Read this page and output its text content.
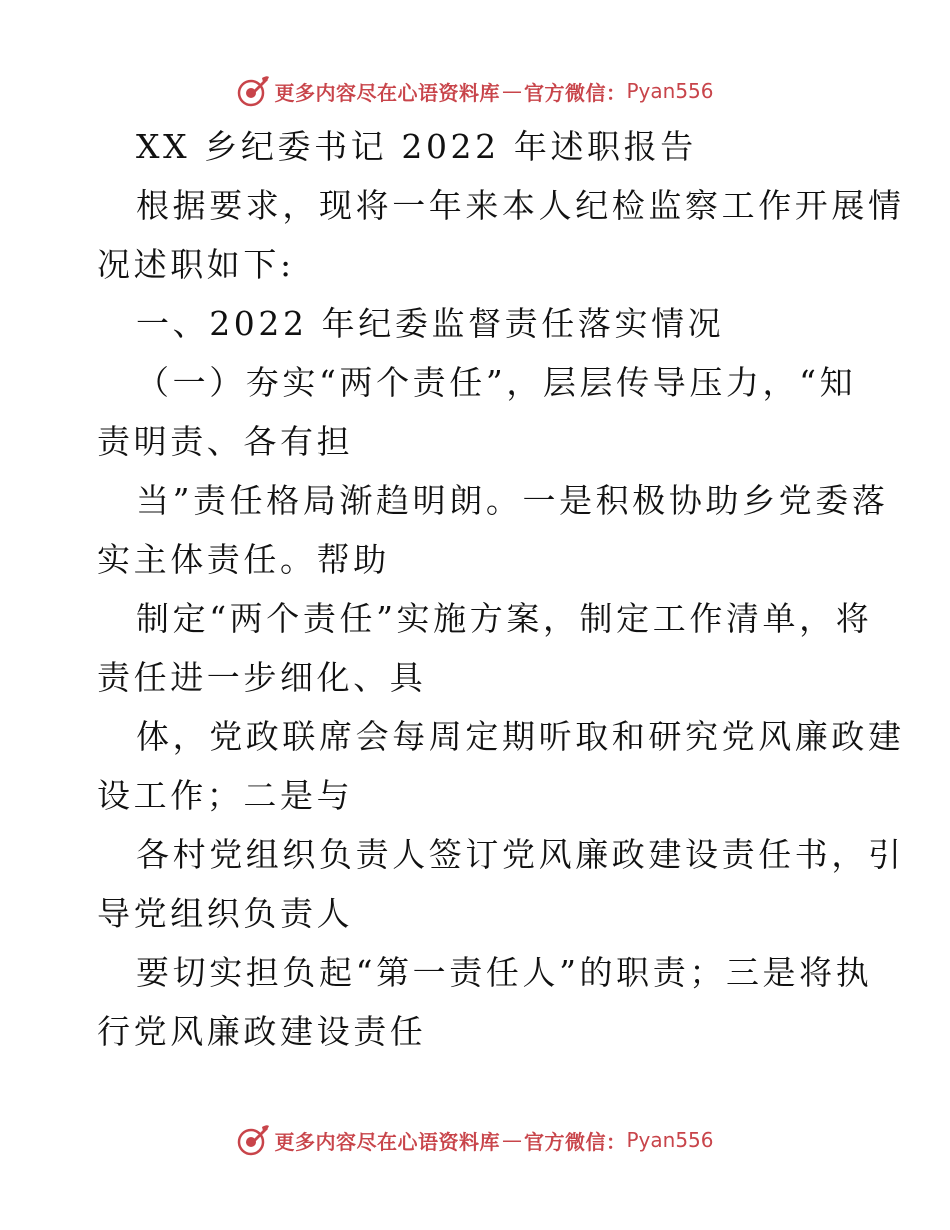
更多内容尽在心语资料库 — 官方微信： Pyan556
XX 乡纪委书记 2022 年述职报告
根据要求，现将一年来本人纪检监察工作开展情
况述职如下:
一、2022 年纪委监督责任落实情况
（一）夯实“两个责任”，层层传导压力，“知
责明责、各有担
当”责任格局渐趋明朗。一是积极协助乡党委落
实主体责任。帮助
制定“两个责任”实施方案，制定工作清单，将
责任进一步细化、具
体，党政联席会每周定期听取和研究党风廉政建
设工作；二是与
各村党组织负责人签订党风廉政建设责任书，引
导党组织负责人
要切实担负起“第一责任人”的职责；三是将执
行党风廉政建设责任
更多内容尽在心语资料库 — 官方微信： Pyan556
